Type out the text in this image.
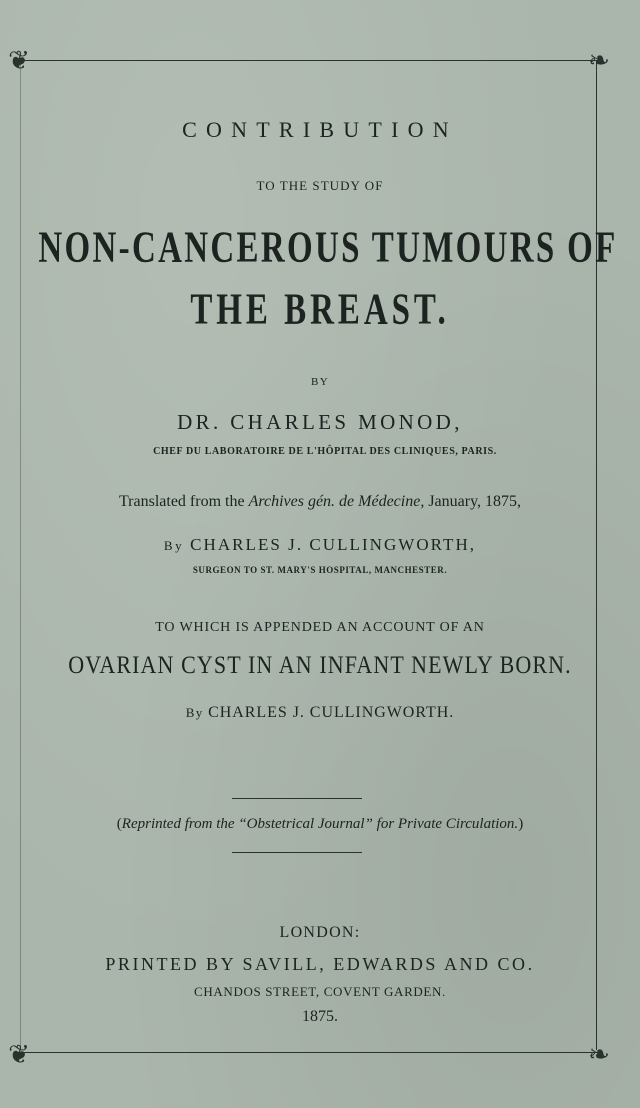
❦	❧
❦	❧

CONTRIBUTION

TO THE STUDY OF

NON-CANCEROUS TUMOURS OF

THE BREAST.

BY

DR. CHARLES MONOD,

CHEF DU LABORATOIRE DE L'HÔPITAL DES CLINIQUES, PARIS.

Translated from the Archives gén. de Médecine, January, 1875,

By CHARLES J. CULLINGWORTH,

SURGEON TO ST. MARY'S HOSPITAL, MANCHESTER.

TO WHICH IS APPENDED AN ACCOUNT OF AN

OVARIAN CYST IN AN INFANT NEWLY BORN.

By CHARLES J. CULLINGWORTH.

(Reprinted from the “Obstetrical Journal” for Private Circulation.)

LONDON:

PRINTED BY SAVILL, EDWARDS AND CO.

CHANDOS STREET, COVENT GARDEN.

1875.
